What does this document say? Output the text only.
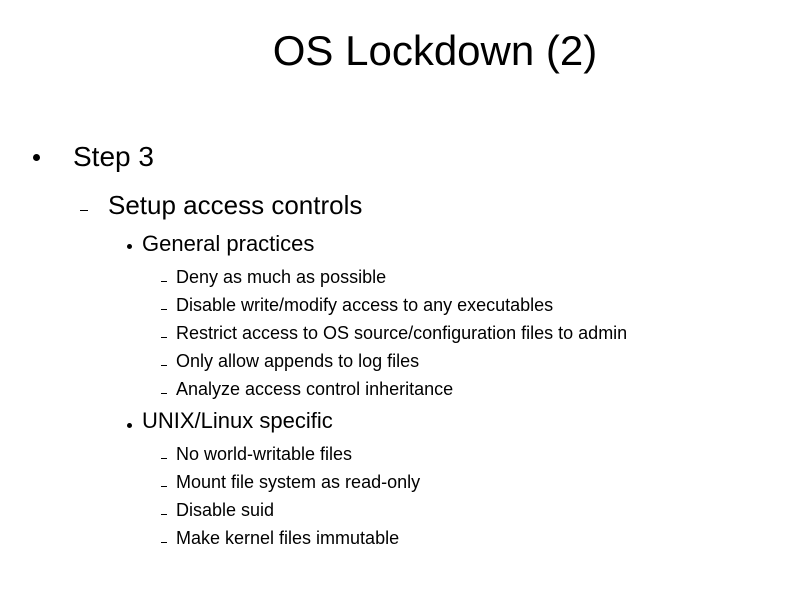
OS Lockdown (2)
Step 3
Setup access controls
General practices
Deny as much as possible
Disable write/modify access to any executables
Restrict access to OS source/configuration files to admin
Only allow appends to log files
Analyze access control inheritance
UNIX/Linux specific
No world-writable files
Mount file system as read-only
Disable suid
Make kernel files immutable
